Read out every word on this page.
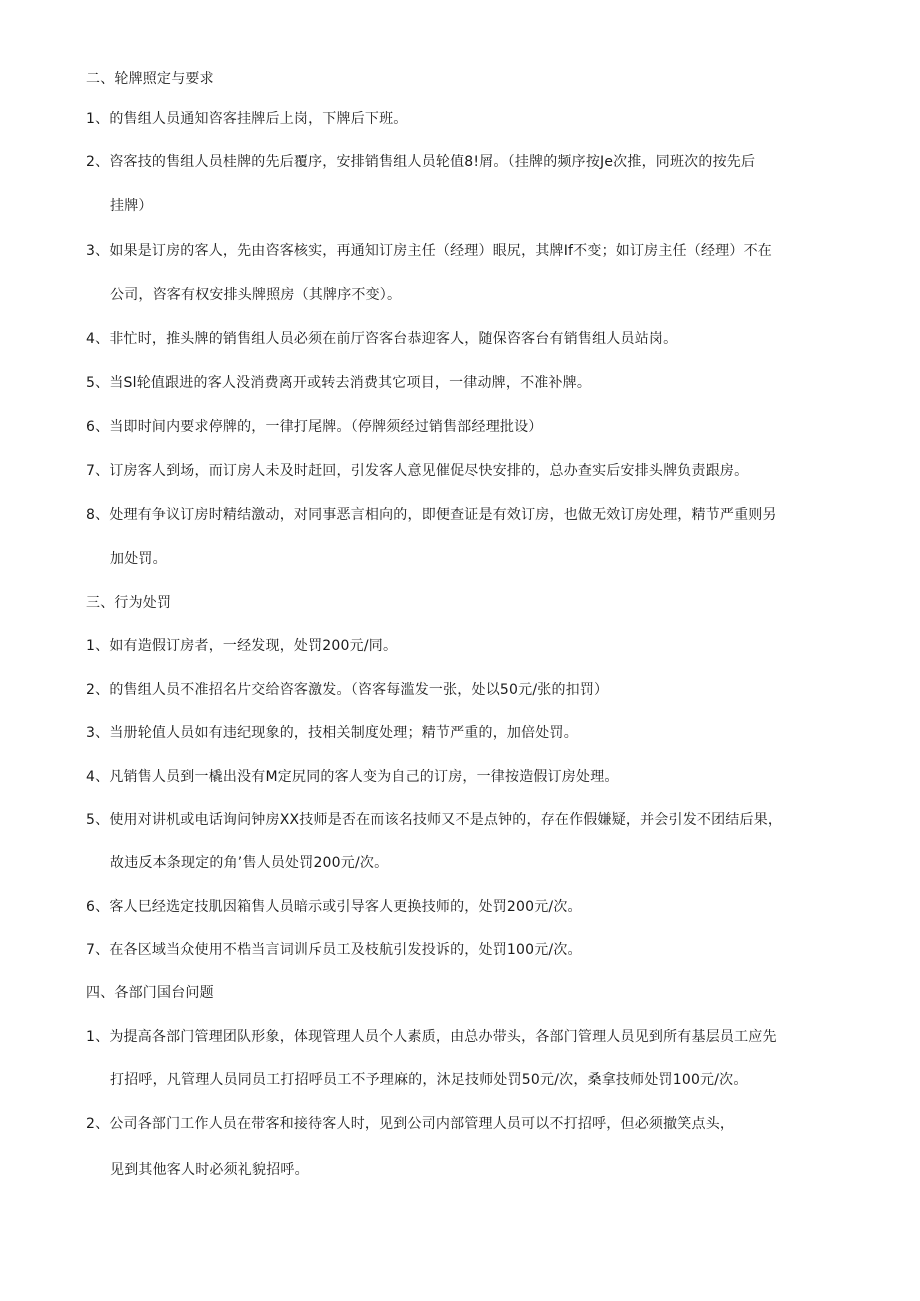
二、轮牌照定与要求
1、的售组人员通知咨客挂牌后上岗，下牌后下班。
2、咨客技的售组人员桂牌的先后覆序，安排销售组人员轮值8!屑。（挂牌的频序按Je次推，同班次的按先后
挂牌）
3、如果是订房的客人，先由咨客核实，再通知订房主任（经理）眼尻，其牌If不变；如订房主任（经理）不在
公司，咨客有权安排头牌照房（其牌序不变）。
4、非忙时，推头牌的销售组人员必须在前厅咨客台恭迎客人，随保咨客台有销售组人员站岗。
5、当Sl轮值跟进的客人没消费离开或转去消费其它项目，一律动牌，不准补牌。
6、当即时间内要求停牌的，一律打尾牌。（停牌须经过销售部经理批设）
7、订房客人到场，而订房人未及时赶回，引发客人意见催促尽快安排的，总办查实后安排头牌负责跟房。
8、处理有争议订房时精结激动，对同事恶言相向的，即便查证是有效订房，也做无效订房处理，精节严重则另
加处罚。
三、行为处罚
1、如有造假订房者，一经发现，处罚200元/同。
2、的售组人员不准招名片交给咨客激发。（咨客每滥发一张，处以50元/张的扣罚）
3、当册轮值人员如有违纪现象的，技相关制度处理；精节严重的，加倍处罚。
4、凡销售人员到一橇出没有M定尻同的客人变为自己的订房，一律按造假订房处理。
5、使用对讲机或电话询问钟房XX技师是否在而该名技师又不是点钟的，存在作假嫌疑，并会引发不团结后果，
故违反本条现定的角’售人员处罚200元/次。
6、客人巳经选定技肌因箱售人员暗示或引导客人更换技师的，处罚200元/次。
7、在各区域当众使用不梏当言词训斥员工及枝航引发投诉的，处罚100元/次。
四、各部门国台问题
1、为提高各部门管理团队形象，体现管理人员个人素质，由总办带头，各部门管理人员见到所有基层员工应先
打招呼，凡管理人员同员工打招呼员工不予理麻的，沐足技师处罚50元/次，桑拿技师处罚100元/次。
2、公司各部门工作人员在带客和接待客人时，见到公司内部管理人员可以不打招呼，但必须撤笑点头，
见到其他客人时必须礼貌招呼。
